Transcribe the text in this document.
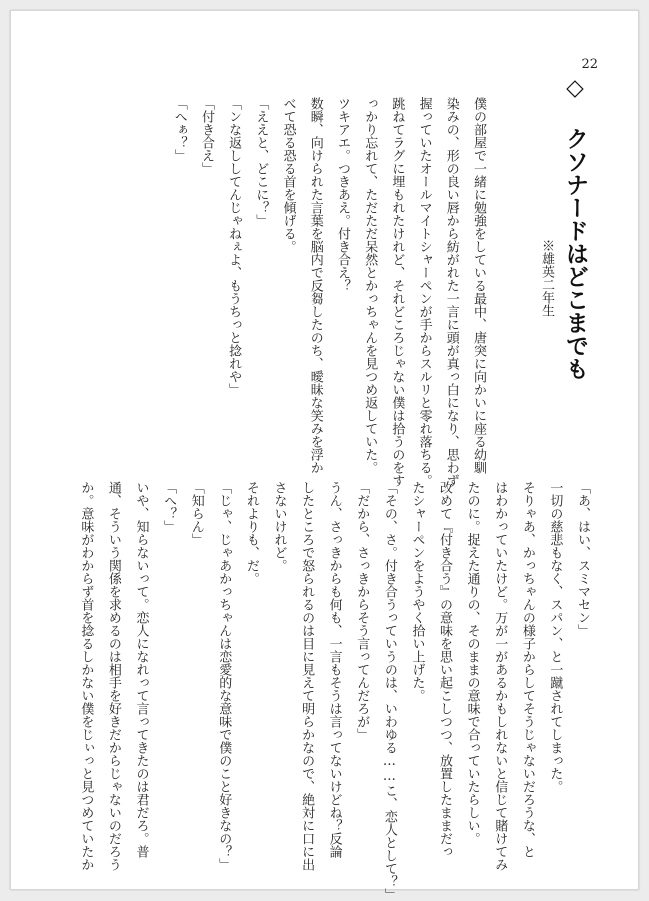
22
◇ クソナードはどこまでも
※雄英二年生
僕の部屋で一緒に勉強をしている最中、唐突に向かいに座る幼馴
染みの、形の良い唇から紡がれた一言に頭が真っ白になり、思わず
握っていたオールマイトシャーペンが手からスルリと零れ落ちる。
跳ねてラグに埋もれたけれど、それどころじゃない僕は拾うのをす
っかり忘れて、ただただ呆然とかっちゃんを見つめ返していた。
ツキアエ。つきあえ。付き合え？
数瞬、向けられた言葉を脳内で反芻したのち、曖昧な笑みを浮か
べて恐る恐る首を傾げる。
「ええと、どこに？」
「ンな返ししてんじゃねぇよ、もうちっと捻れや」
「付き合え」
「へぁ？」
「あ、はい、スミマセン」
一切の慈悲もなく、スパン、と一蹴されてしまった。
そりゃあ、かっちゃんの様子からしてそうじゃないだろうな、と
はわかっていたけど。万が一があるかもしれないと信じて賭けてみ
たのに。捉えた通りの、そのままの意味で合っていたらしい。
改めて『付き合う』の意味を思い起こしつつ、放置したままだっ
たシャーペンをようやく拾い上げた。
「その、さ。付き合うっていうのは、いわゆる……こ、恋人として？」
「だから、さっきからそう言ってんだろが」
うん、さっきからも何も、一言もそうは言ってないけどね？反論
したところで怒られるのは目に見えて明らかなので、絶対に口に出
さないけれど。
それよりも、だ。
「じゃ、じゃあかっちゃんは恋愛的な意味で僕のこと好きなの？」
「知らん」
「へ？」
いや、知らないって。恋人になれって言ってきたのは君だろ。普
通、そういう関係を求めるのは相手を好きだからじゃないのだろう
か。意味がわからず首を捻るしかない僕をじぃっと見つめていたか
